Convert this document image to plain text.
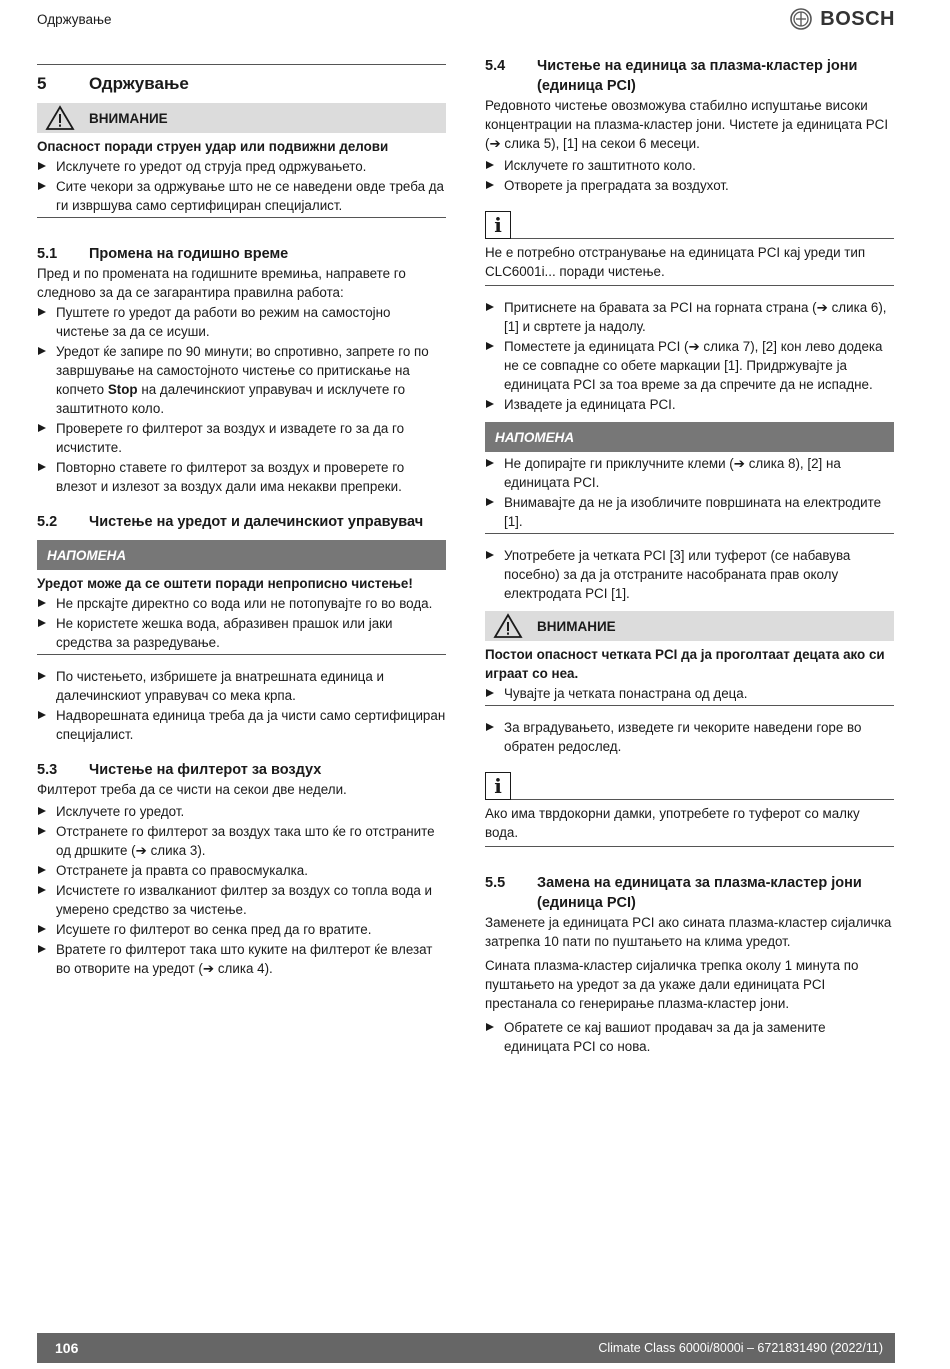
Одржување	BOSCH
5	Одржување
ВНИМАНИЕ

Опасност поради струен удар или подвижни делови

Исклучете го уредот од струја пред одржувањето.
Сите чекори за одржување што не се наведени овде треба да ги извршува само сертифициран специјалист.
5.1	Промена на годишно време

Пред и по промената на годишните времиња, направете го следново за да се загарантира правилна работа:

Пуштете го уредот да работи во режим на самостојно чистење за да се исуши.
Уредот ќе запире по 90 минути; во спротивно, запрете го по завршување на самостојното чистење со притискање на копчето Stop на далечинскиот управувач и исклучете го заштитното коло.
Проверете го филтерот за воздух и извадете го за да го исчистите.
Повторно ставете го филтерот за воздух и проверете го влезот и излезот за воздух дали има некакви препреки.
5.2	Чистење на уредот и далечинскиот управувач
НАПОМЕНА

Уредот може да се оштети поради непрописно чистење!

Не прскајте директно со вода или не потопувајте го во вода.
Не користете жешка вода, абразивен прашок или јаки средства за разредување.
По чистењето, избришете ја внатрешната единица и далечинскиот управувач со мека крпа.
Надворешната единица треба да ја чисти само сертифициран специјалист.
5.3	Чистење на филтерот за воздух

Филтерот треба да се чисти на секои две недели.

Исклучете го уредот.
Отстранете го филтерот за воздух така што ќе го отстраните од дршките (➔ слика 3).
Отстранете ја правта со правосмукалка.
Исчистете го извалканиот филтер за воздух со топла вода и умерено средство за чистење.
Исушете го филтерот во сенка пред да го вратите.
Вратете го филтерот така што куките на филтерот ќе влезат во отворите на уредот (➔ слика 4).
5.4	Чистење на единица за плазма-кластер јони
(единица PCI)

Редовното чистење овозможува стабилно испуштање високи концентрации на плазма-кластер јони. Чистете ја единицата PCI (➔ слика 5), [1] на секои 6 месеци.

Исклучете го заштитното коло.
Отворете ја преградата за воздухот.
i

Не е потребно отстранување на единицата PCI кај уреди тип CLC6001i... поради чистење.

Притиснете на бравата за PCI на горната страна (➔ слика 6), [1] и свртете ја надолу.
Поместете ја единицата PCI (➔ слика 7), [2] кон лево додека не се совпадне со обете маркации [1]. Придржувајте ја единицата PCI за тоа време за да спречите да не испадне.
Извадете ја единицата PCI.
НАПОМЕНА
Не допирајте ги приклучните клеми (➔ слика 8), [2] на единицата PCI.
Внимавајте да не ја изобличите површината на електродите [1].
Употребете ја четката PCI [3] или туферот (се набавува посебно) за да ја отстраните насобраната прав околу електродата PCI [1].
ВНИМАНИЕ

Постои опасност четката PCI да ја проголтаат децата ако си играат со неа.

Чувајте ја четката понастрана од деца.
За вградувањето, изведете ги чекорите наведени горе во обратен редослед.
i

Ако има тврдокорни дамки, употребете го туферот со малку вода.

5.5	Замена на единицата за плазма-кластер јони
(единица PCI)

Заменете ја единицата PCI ако сината плазма-кластер сијаличка затрепка 10 пати по пуштањето на клима уредот.

Сината плазма-кластер сијаличка трепка околу 1 минута по пуштањето на уредот за да укаже дали единицата PCI престанала со генерирање плазма-кластер јони.

Обратете се кај вашиот продавач за да ја замените единицата PCI со нова.
106	Climate Class 6000i/8000i – 6721831490 (2022/11)
